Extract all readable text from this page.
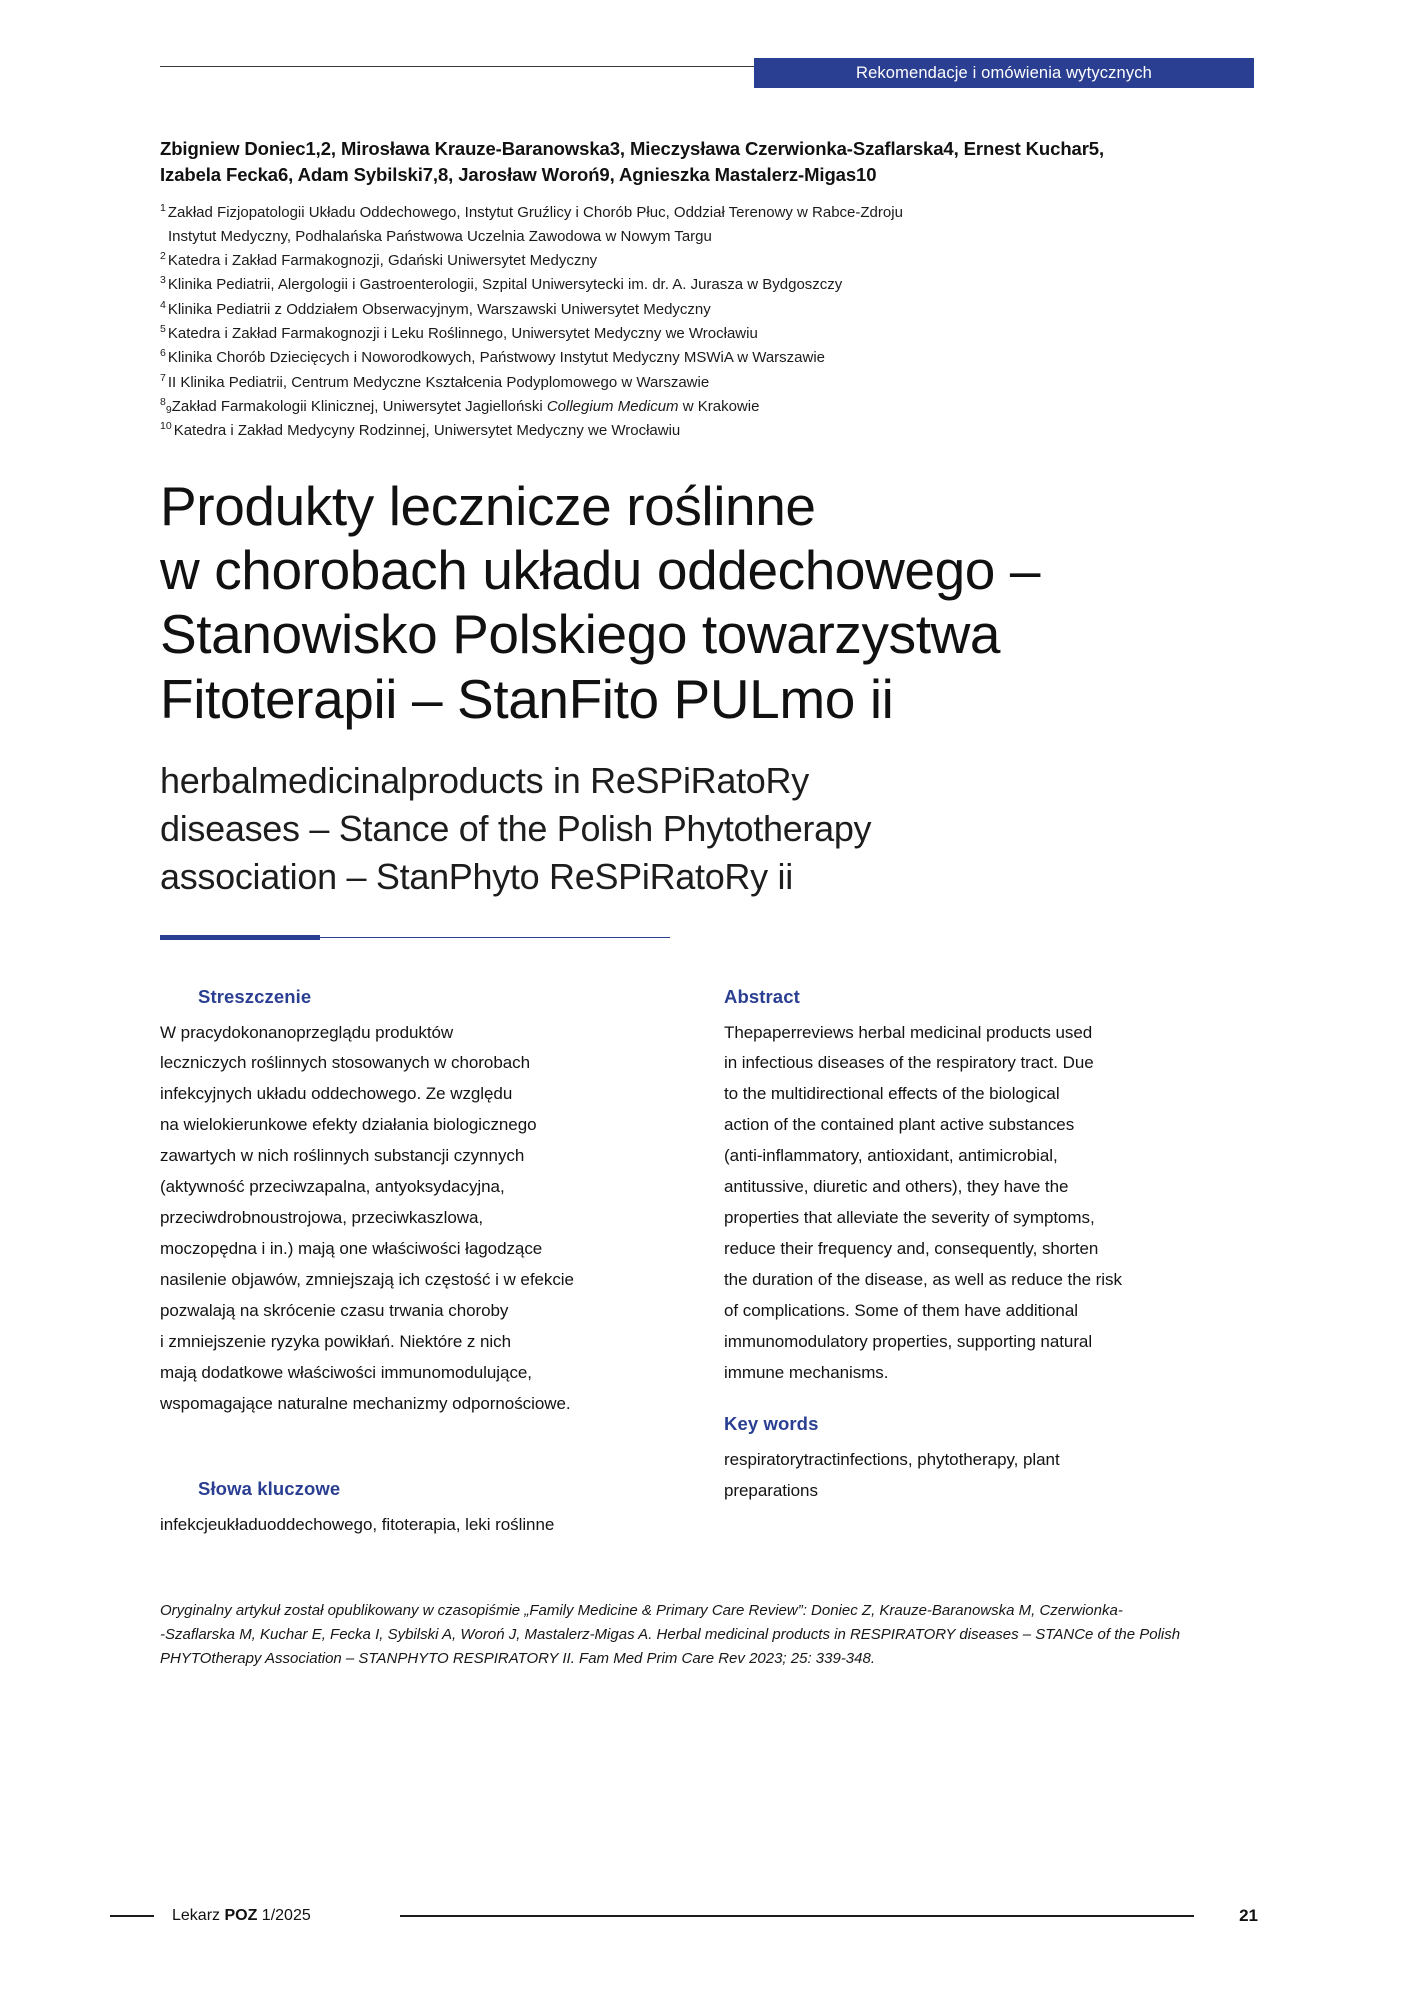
Rekomendacje i omówienia wytycznych
Zbigniew Doniec1,2, Mirosława Krauze-Baranowska3, Mieczysława Czerwionka-Szaflarska4, Ernest Kuchar5,
Izabela Fecka6, Adam Sybilski7,8, Jarosław Woroń9, Agnieszka Mastalerz-Migas10
$^1$ Zakład Fizjopatologii Układu Oddechowego, Instytut Gruźlicy i Chorób Płuc, Oddział Terenowy w Rabce-Zdroju
Instytut Medyczny, Podhalańska Państwowa Uczelnia Zawodowa w Nowym Targu
$^2$ Katedra i Zakład Farmakognozji, Gdański Uniwersytet Medyczny
$^3$ Klinika Pediatrii, Alergologii i Gastroenterologii, Szpital Uniwersytecki im. dr. A. Jurasza w Bydgoszczy
$^4$ Klinika Pediatrii z Oddziałem Obserwacyjnym, Warszawski Uniwersytet Medyczny
$^5$ Katedra i Zakład Farmakognozji i Leku Roślinnego, Uniwersytet Medyczny we Wrocławiu
$^6$ Klinika Chorób Dziecięcych i Noworodkowych, Państwowy Instytut Medyczny MSWiA w Warszawie
$^7$ II Klinika Pediatrii, Centrum Medyczne Kształcenia Podyplomowego w Warszawie
$^8$9Zakład Farmakologii Klinicznej, Uniwersytet Jagielloński Collegium Medicum w Krakowie
$^{10}$ Katedra i Zakład Medycyny Rodzinnej, Uniwersytet Medyczny we Wrocławiu
Produkty lecznicze roślinne
w chorobach układu oddechowego –
Stanowisko Polskiego towarzystwa
Fitoterapii – StanFito PULmo ii
herbalmedicinalproducts in ReSPiRatoRy
diseases – Stance of the Polish Phytotherapy
association – StanPhyto ReSPiRatoRy ii
Streszczenie
W pracydokonanoprzeglądu produktów
leczniczych roślinnych stosowanych w chorobach
infekcyjnych układu oddechowego. Ze względu
na wielokierunkowe efekty działania biologicznego
zawartych w nich roślinnych substancji czynnych
(aktywność przeciwzapalna, antyoksydacyjna,
przeciwdrobnoustrojowa, przeciwkaszlowa,
moczopędna i in.) mają one właściwości łagodzące
nasilenie objawów, zmniejszają ich częstość i w efekcie
pozwalają na skrócenie czasu trwania choroby
i zmniejszenie ryzyka powikłań. Niektóre z nich
mają dodatkowe właściwości immunomodulujące,
wspomagające naturalne mechanizmy odpornościowe.
Słowa kluczowe
infekcjeukładuoddechowego, fitoterapia, leki roślinne
Abstract
Thepaperreviews herbal medicinal products used
in infectious diseases of the respiratory tract. Due
to the multidirectional effects of the biological
action of the contained plant active substances
(anti-inflammatory, antioxidant, antimicrobial,
antitussive, diuretic and others), they have the
properties that alleviate the severity of symptoms,
reduce their frequency and, consequently, shorten
the duration of the disease, as well as reduce the risk
of complications. Some of them have additional
immunomodulatory properties, supporting natural
immune mechanisms.
Key words
respiratorytractinfections, phytotherapy, plant
preparations
Oryginalny artykuł został opublikowany w czasopiśmie „Family Medicine & Primary Care Review”: Doniec Z, Krauze-Baranowska M, Czerwionka-
-Szaflarska M, Kuchar E, Fecka I, Sybilski A, Woroń J, Mastalerz-Migas A. Herbal medicinal products in RESPIRATORY diseases – STANCe of the Polish
PHYTOtherapy Association – STANPHYTO RESPIRATORY II. Fam Med Prim Care Rev 2023; 25: 339-348.
Lekarz POZ 1/2025	21
